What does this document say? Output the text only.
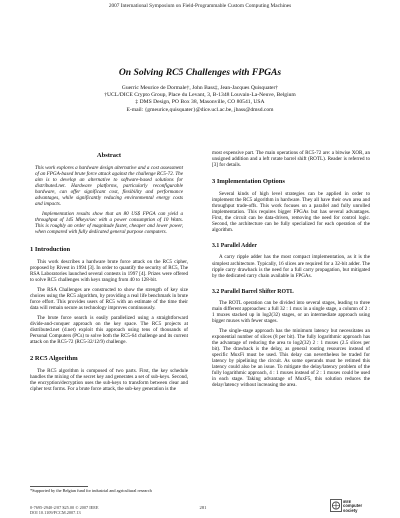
2007 International Symposium on Field-Programmable Custom Computing Machines
On Solving RC5 Challenges with FPGAs
Guerric Meurice de Dormale†, John Bass‡, Jean-Jacques Quisquater†
†UCL/DICE Crypto Group, Place du Levant, 3, B-1348 Louvain-La-Neuve, Belgium
‡ DMS Design, PO Box 38, Masonville, CO 80541, USA
E-mail: {gmeurice,quisquater}@dice.ucl.ac.be, jbass@dmsd.com
Abstract

This work explores a hardware design alternative and a cost assessment of an FPGA-based brute force attack against the challenge RC5-72. The aim is to develop an alternative to software-based solutions for distributed.net. Hardware platforms, particularly reconfigurable hardware, can offer significant cost, flexibility and performance advantages, while significantly reducing environmental energy costs and impacts.

Implementation results show that an 80 US$ FPGA can yield a throughput of 145 Mkeys/sec with a power consumption of 10 Watts. This is roughly an order of magnitude faster, cheaper and lower power, when compared with fully dedicated general purpose computers.

1 Introduction

This work describes a hardware brute force attack on the RC5 cipher, proposed by Rivest in 1994 [3]. In order to quantify the security of RC5, The RSA Laboratories launched several contests in 1997 [4]. Prizes were offered to solve RC5 challenges with keys ranging from 40 to 128-bit.

The RSA Challenges are constructed to show the strength of key size choices using the RC5 algorithm, by providing a real life benchmark in brute force effort. This provides users of RC5 with an estimate of the time their data will remain secure as technology improves continuously.

The brute force search is easily parallelized using a straightforward divide-and-conquer approach on the key space. The RC5 projects at distributed.net (d.net) exploit this approach using tens of thousands of Personal Computers (PCs) to solve both the RC5-64 challenge and its current attack on the RC5-72 (RC5-32/12/9) challenge.

2 RC5 Algorithm

The RC5 algorithm is composed of two parts. First, the key schedule handles the mixing of the secret key and generates a set of sub-keys. Second, the encryption/decryption uses the sub-keys to transform between clear and cipher text forms. For a brute force attack, the sub-key generation is the

most expensive part. The main operations of RC5-72 are: a bitwise XOR, an unsigned addition and a left rotate barrel shift (ROTL). Reader is referred to [3] for details.

3 Implementation Options

Several kinds of high level strategies can be applied in order to implement the RC5 algorithm in hardware. They all have their own area and throughput trade-offs. This work focuses on a parallel and fully unrolled implementation. This requires bigger FPGAs but has several advantages. First, the circuit can be data-driven, removing the need for control logic. Second, the architecture can be fully specialized for each operation of the algorithm.

3.1 Parallel Adder

A carry ripple adder has the most compact implementation, as it is the simplest architecture. Typically, 16 slices are required for a 32-bit adder. The ripple carry drawback is the need for a full carry propagation, but mitigated by the dedicated carry chain available in FPGAs.

3.2 Parallel Barrel Shifter ROTL

The ROTL operation can be divided into several stages, leading to three main different approaches: a full 32 : 1 mux in a single stage, a column of 2 : 1 muxes stacked up in log2(32) stages, or an intermediate approach using bigger muxes with fewer stages.

The single-stage approach has the minimum latency but necessitates an exponential number of slices (8 per bit). The fully logarithmic approach has the advantage of reducing the area to log2(32) 2 : 1 muxes (2.5 slices per bit). The drawback is the delay, as general routing resources instead of specific MuxFi must be used. This delay can nevertheless be traded for latency by pipelining the circuit. As some operands must be retimed this latency could also be an issue. To mitigate the delay/latency problem of the fully logarithmic approach, 4 : 1 muxes instead of 2 : 1 muxes could be used in each stage. Taking advantage of MuxF5, this solution reduces the delay/latency without increasing the area.

*Supported by the Belgian fund for industrial and agricultural research
0-7695-2940-2/07 $25.00 © 2007 IEEE
DOI 10.1109/FCCM.2007.13
281
IEEE
computer
society
